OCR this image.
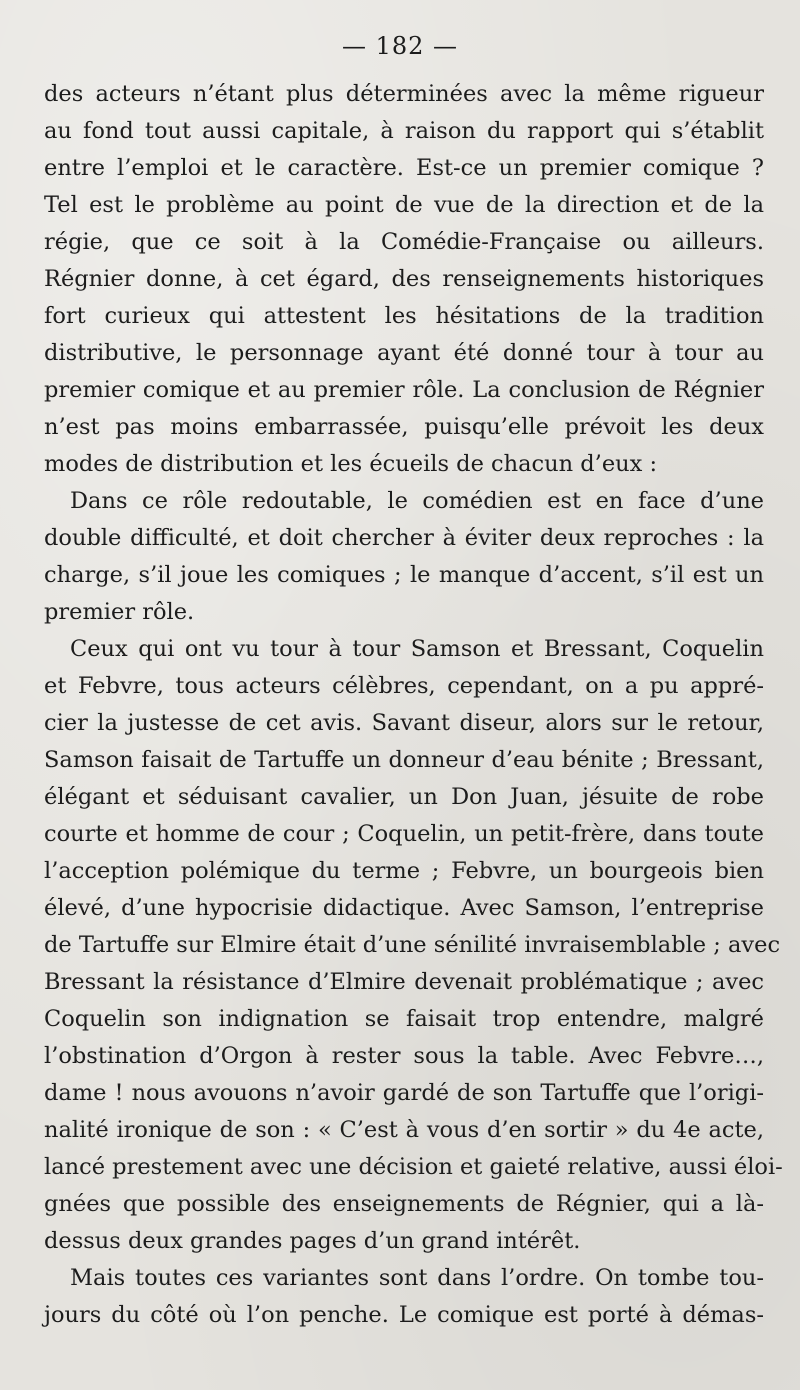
— 182 —
des acteurs n’étant plus déterminées avec la même rigueur
au fond tout aussi capitale, à raison du rapport qui s’établit
entre l’emploi et le caractère. Est-ce un premier comique ?
Tel est le problème au point de vue de la direction et de la
régie, que ce soit à la Comédie-Française ou ailleurs.
Régnier donne, à cet égard, des renseignements historiques
fort curieux qui attestent les hésitations de la tradition
distributive, le personnage ayant été donné tour à tour au
premier comique et au premier rôle. La conclusion de Régnier
n’est pas moins embarrassée, puisqu’elle prévoit les deux
modes de distribution et les écueils de chacun d’eux :
Dans ce rôle redoutable, le comédien est en face d’une
double difficulté, et doit chercher à éviter deux reproches : la
charge, s’il joue les comiques ; le manque d’accent, s’il est un
premier rôle.
Ceux qui ont vu tour à tour Samson et Bressant, Coquelin
et Febvre, tous acteurs célèbres, cependant, on a pu appré-
cier la justesse de cet avis. Savant diseur, alors sur le retour,
Samson faisait de Tartuffe un donneur d’eau bénite ; Bressant,
élégant et séduisant cavalier, un Don Juan, jésuite de robe
courte et homme de cour ; Coquelin, un petit-frère, dans toute
l’acception polémique du terme ; Febvre, un bourgeois bien
élevé, d’une hypocrisie didactique. Avec Samson, l’entreprise
de Tartuffe sur Elmire était d’une sénilité invraisemblable ; avec
Bressant la résistance d’Elmire devenait problématique ; avec
Coquelin son indignation se faisait trop entendre, malgré
l’obstination d’Orgon à rester sous la table. Avec Febvre…,
dame ! nous avouons n’avoir gardé de son Tartuffe que l’origi-
nalité ironique de son : « C’est à vous d’en sortir » du 4e acte,
lancé prestement avec une décision et gaieté relative, aussi éloi-
gnées que possible des enseignements de Régnier, qui a là-
dessus deux grandes pages d’un grand intérêt.
Mais toutes ces variantes sont dans l’ordre. On tombe tou-
jours du côté où l’on penche. Le comique est porté à démas-
